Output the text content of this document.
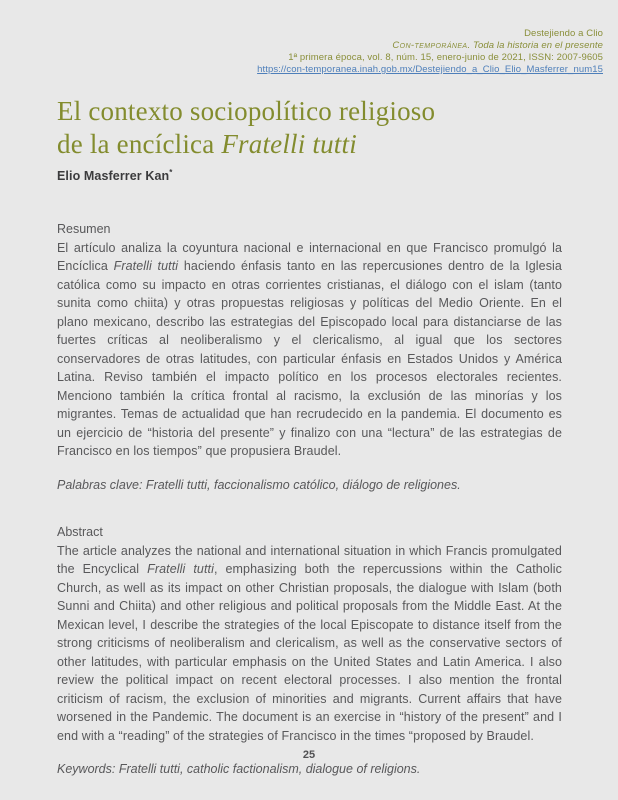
Destejiendo a Clio
Con-temporánea. Toda la historia en el presente
1ª primera época, vol. 8, núm. 15, enero-junio de 2021, ISSN: 2007-9605
https://con-temporanea.inah.gob.mx/Destejiendo_a_Clio_Elio_Masferrer_num15
El contexto sociopolítico religioso
de la encíclica Fratelli tutti
Elio Masferrer Kan*

Resumen

El artículo analiza la coyuntura nacional e internacional en que Francisco promulgó la Encíclica Fratelli tutti haciendo énfasis tanto en las repercusiones dentro de la Iglesia católica como su impacto en otras corrientes cristianas, el diálogo con el islam (tanto sunita como chiita) y otras propuestas religiosas y políticas del Medio Oriente. En el plano mexicano, describo las estrategias del Episcopado local para distanciarse de las fuertes críticas al neoliberalismo y el clericalismo, al igual que los sectores conservadores de otras latitudes, con particular énfasis en Estados Unidos y América Latina. Reviso también el impacto político en los procesos electorales recientes. Menciono también la crítica frontal al racismo, la exclusión de las minorías y los migrantes. Temas de actualidad que han recrudecido en la pandemia. El documento es un ejercicio de “historia del presente” y finalizo con una “lectura” de las estrategias de Francisco en los tiempos” que propusiera Braudel.

Palabras clave: Fratelli tutti, faccionalismo católico, diálogo de religiones.

Abstract

The article analyzes the national and international situation in which Francis promulgated the Encyclical Fratelli tutti, emphasizing both the repercussions within the Catholic Church, as well as its impact on other Christian proposals, the dialogue with Islam (both Sunni and Chiita) and other religious and political proposals from the Middle East. At the Mexican level, I describe the strategies of the local Episcopate to distance itself from the strong criticisms of neoliberalism and clericalism, as well as the conservative sectors of other latitudes, with particular emphasis on the United States and Latin America. I also review the political impact on recent electoral processes. I also mention the frontal criticism of racism, the exclusion of minorities and migrants. Current affairs that have worsened in the Pandemic. The document is an exercise in “history of the present” and I end with a “reading” of the strategies of Francisco in the times “proposed by Braudel.

Keywords: Fratelli tutti, catholic factionalism, dialogue of religions.

25
